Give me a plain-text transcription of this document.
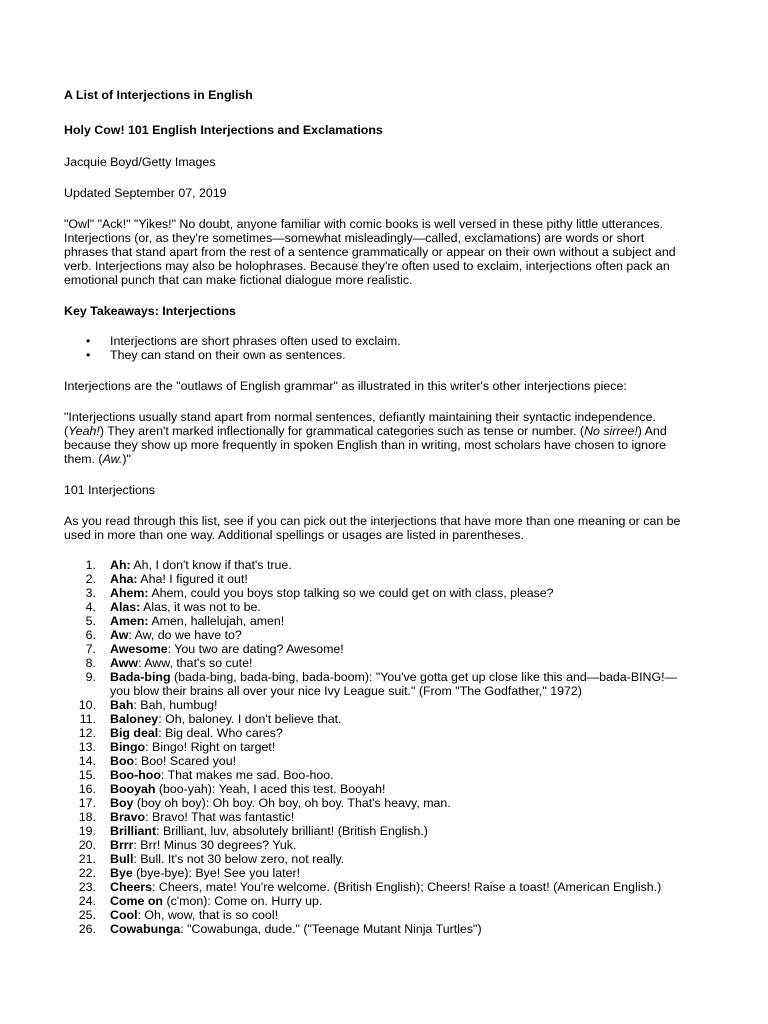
A List of Interjections in English

Holy Cow! 101 English Interjections and Exclamations

Jacquie Boyd/Getty Images

Updated September 07, 2019

"Owl" "Ack!" "Yikes!" No doubt, anyone familiar with comic books is well versed in these pithy little utterances. Interjections (or, as they're sometimes—somewhat misleadingly—called, exclamations) are words or short phrases that stand apart from the rest of a sentence grammatically or appear on their own without a subject and verb. Interjections may also be holophrases. Because they're often used to exclaim, interjections often pack an emotional punch that can make fictional dialogue more realistic.

Key Takeaways: Interjections

• Interjections are short phrases often used to exclaim.
• They can stand on their own as sentences.

Interjections are the "outlaws of English grammar" as illustrated in this writer's other interjections piece:

"Interjections usually stand apart from normal sentences, defiantly maintaining their syntactic independence. (Yeah!) They aren't marked inflectionally for grammatical categories such as tense or number. (No sirree!) And because they show up more frequently in spoken English than in writing, most scholars have chosen to ignore them. (Aw.)"

101 Interjections

As you read through this list, see if you can pick out the interjections that have more than one meaning or can be used in more than one way. Additional spellings or usages are listed in parentheses.

1. Ah: Ah, I don't know if that's true.
2. Aha: Aha! I figured it out!
3. Ahem: Ahem, could you boys stop talking so we could get on with class, please?
4. Alas: Alas, it was not to be.
5. Amen: Amen, hallelujah, amen!
6. Aw: Aw, do we have to?
7. Awesome: You two are dating? Awesome!
8. Aww: Aww, that's so cute!
9. Bada-bing (bada-bing, bada-bing, bada-boom): "You've gotta get up close like this and—bada-BING!—you blow their brains all over your nice Ivy League suit." (From "The Godfather," 1972)
10. Bah: Bah, humbug!
11. Baloney: Oh, baloney. I don't believe that.
12. Big deal: Big deal. Who cares?
13. Bingo: Bingo! Right on target!
14. Boo: Boo! Scared you!
15. Boo-hoo: That makes me sad. Boo-hoo.
16. Booyah (boo-yah): Yeah, I aced this test. Booyah!
17. Boy (boy oh boy): Oh boy. Oh boy, oh boy. That's heavy, man.
18. Bravo: Bravo! That was fantastic!
19. Brilliant: Brilliant, luv, absolutely brilliant! (British English.)
20. Brrr: Brr! Minus 30 degrees? Yuk.
21. Bull: Bull. It's not 30 below zero, not really.
22. Bye (bye-bye): Bye! See you later!
23. Cheers: Cheers, mate! You're welcome. (British English); Cheers! Raise a toast! (American English.)
24. Come on (c'mon): Come on. Hurry up.
25. Cool: Oh, wow, that is so cool!
26. Cowabunga: "Cowabunga, dude." ("Teenage Mutant Ninja Turtles")
